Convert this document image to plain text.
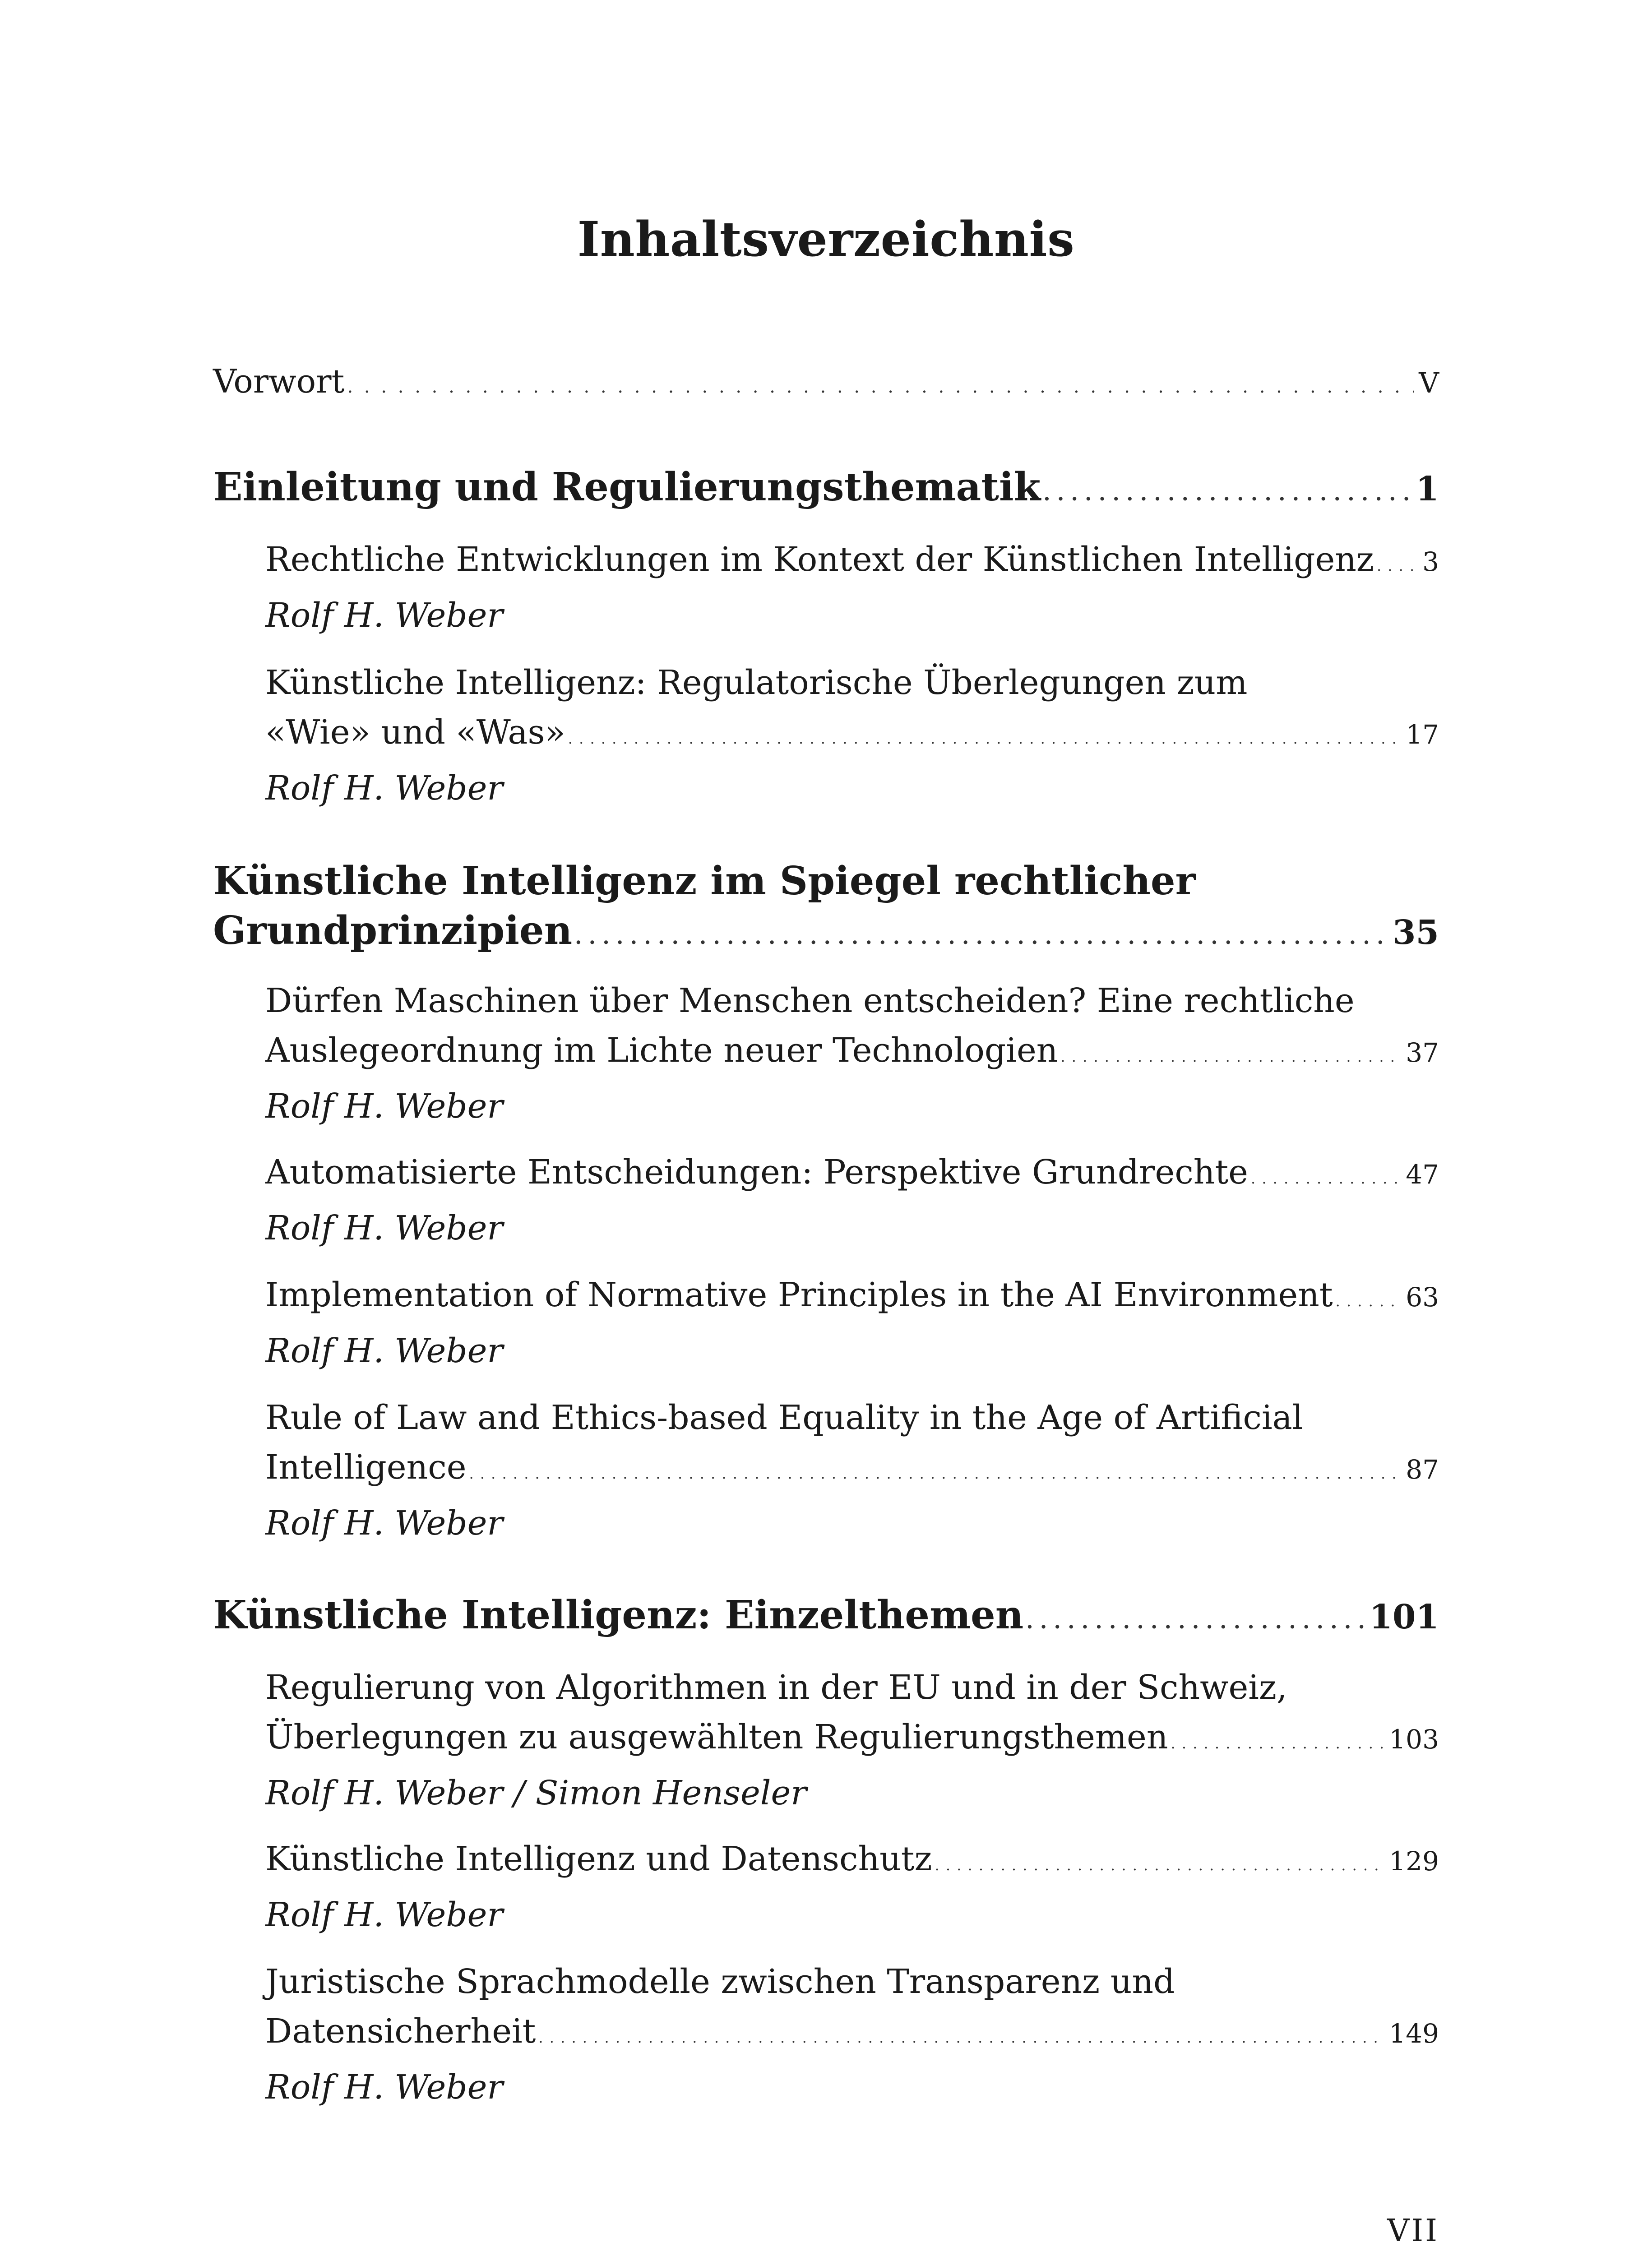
Inhaltsverzeichnis
Vorwort . . .	V
Einleitung und Regulierungsthematik . . .	1
Rechtliche Entwicklungen im Kontext der Künstlichen Intelligenz . . . 3
Rolf H. Weber
Künstliche Intelligenz: Regulatorische Überlegungen zum
«Wie» und «Was» . . .	17
Rolf H. Weber
Künstliche Intelligenz im Spiegel rechtlicher
Grundprinzipien . . .	35
Dürfen Maschinen über Menschen entscheiden? Eine rechtliche
Auslegeordnung im Lichte neuer Technologien . . .	37
Rolf H. Weber
Automatisierte Entscheidungen: Perspektive Grundrechte . . .	47
Rolf H. Weber
Implementation of Normative Principles in the AI Environment . . .	63
Rolf H. Weber
Rule of Law and Ethics-based Equality in the Age of Artificial
Intelligence . . .	87
Rolf H. Weber
Künstliche Intelligenz: Einzelthemen . . .	101
Regulierung von Algorithmen in der EU und in der Schweiz,
Überlegungen zu ausgewählten Regulierungsthemen . . .	103
Rolf H. Weber / Simon Henseler
Künstliche Intelligenz und Datenschutz . . .	129
Rolf H. Weber
Juristische Sprachmodelle zwischen Transparenz und
Datensicherheit . . .	149
Rolf H. Weber
VII
